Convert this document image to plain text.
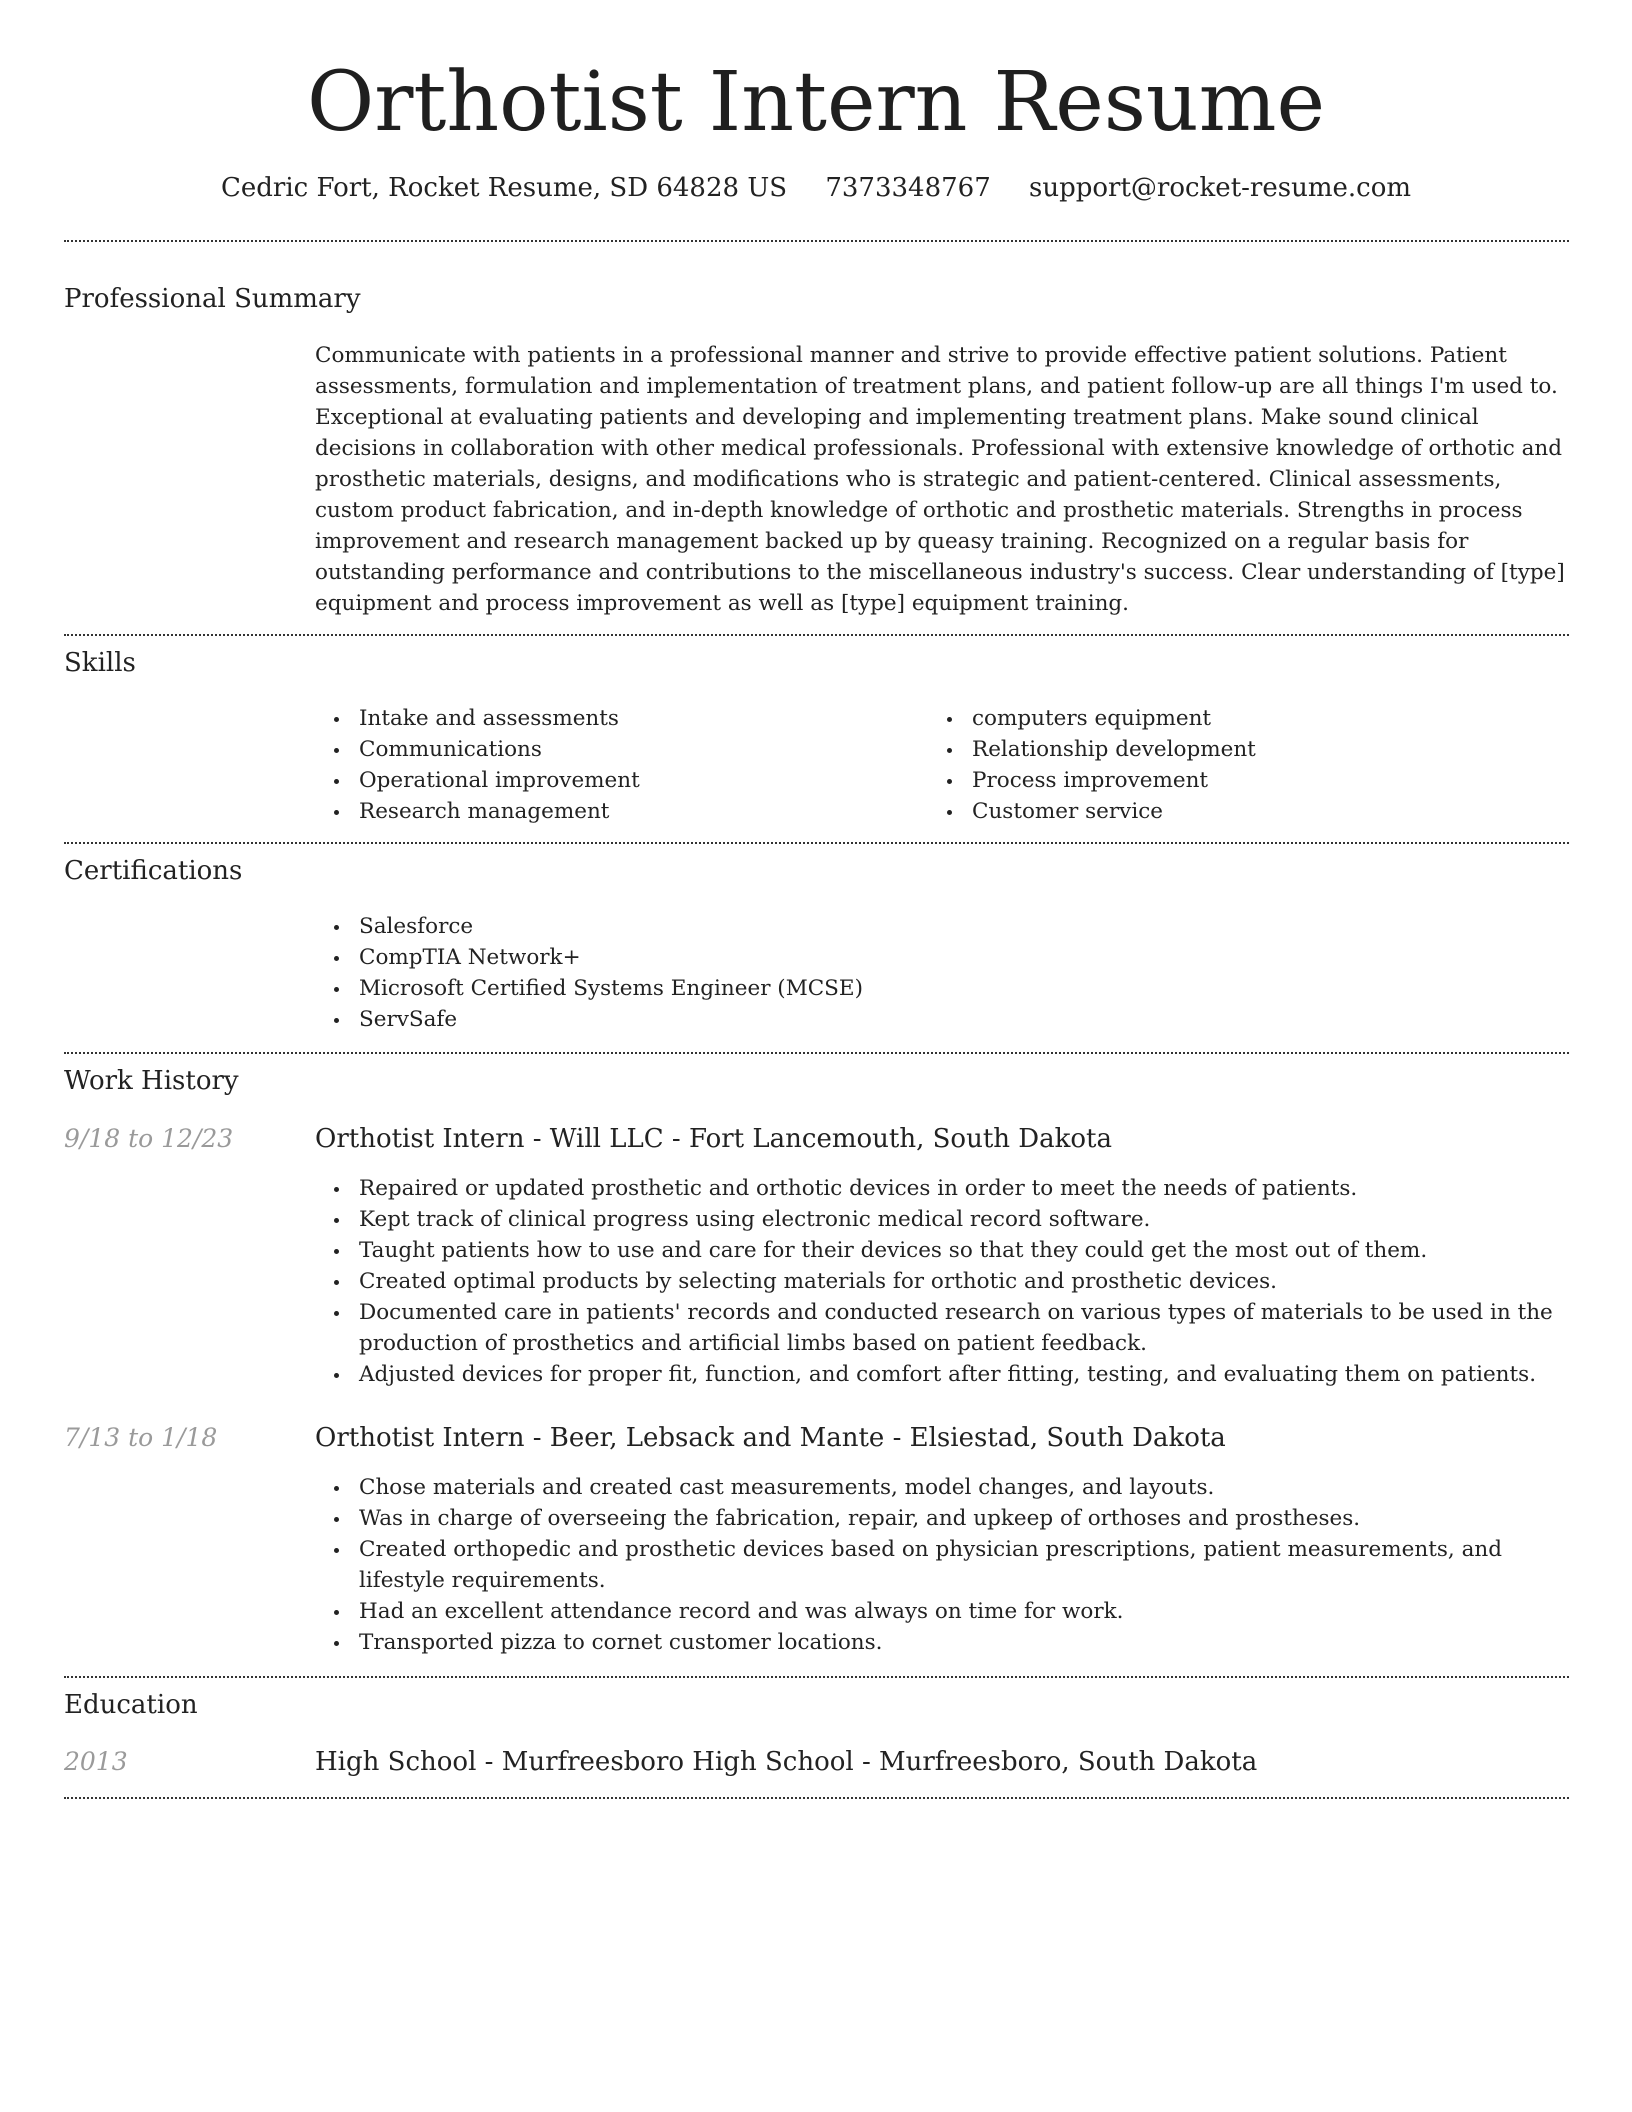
Orthotist Intern Resume
Cedric Fort, Rocket Resume, SD 64828 US 7373348767 support@rocket-resume.com
Professional Summary

Communicate with patients in a professional manner and strive to provide effective patient solutions. Patient assessments, formulation and implementation of treatment plans, and patient follow-up are all things I'm used to. Exceptional at evaluating patients and developing and implementing treatment plans. Make sound clinical decisions in collaboration with other medical professionals. Professional with extensive knowledge of orthotic and prosthetic materials, designs, and modifications who is strategic and patient-centered. Clinical assessments, custom product fabrication, and in-depth knowledge of orthotic and prosthetic materials. Strengths in process improvement and research management backed up by queasy training. Recognized on a regular basis for outstanding performance and contributions to the miscellaneous industry's success. Clear understanding of [type] equipment and process improvement as well as [type] equipment training.

Skills
Intake and assessments
Communications
Operational improvement
Research management
computers equipment
Relationship development
Process improvement
Customer service
Certifications
Salesforce
CompTIA Network+
Microsoft Certified Systems Engineer (MCSE)
ServSafe
Work History
9/18 to 12/23	Orthotist Intern - Will LLC - Fort Lancemouth, South Dakota
Repaired or updated prosthetic and orthotic devices in order to meet the needs of patients.
Kept track of clinical progress using electronic medical record software.
Taught patients how to use and care for their devices so that they could get the most out of them.
Created optimal products by selecting materials for orthotic and prosthetic devices.
Documented care in patients' records and conducted research on various types of materials to be used in the production of prosthetics and artificial limbs based on patient feedback.
Adjusted devices for proper fit, function, and comfort after fitting, testing, and evaluating them on patients.
7/13 to 1/18	Orthotist Intern - Beer, Lebsack and Mante - Elsiestad, South Dakota
Chose materials and created cast measurements, model changes, and layouts.
Was in charge of overseeing the fabrication, repair, and upkeep of orthoses and prostheses.
Created orthopedic and prosthetic devices based on physician prescriptions, patient measurements, and lifestyle requirements.
Had an excellent attendance record and was always on time for work.
Transported pizza to cornet customer locations.
Education
2013	High School - Murfreesboro High School - Murfreesboro, South Dakota
